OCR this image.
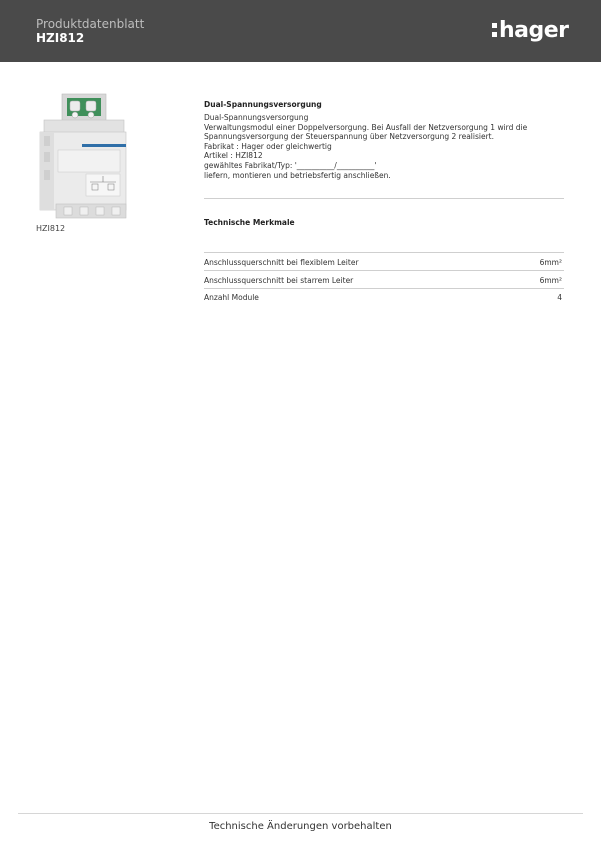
Produktdatenblatt
HZI812	hager
HZI812
Dual-Spannungsversorgung
Dual-Spannungsversorgung
Verwaltungsmodul einer Doppelversorgung. Bei Ausfall der Netzversorgung 1 wird die
Spannungsversorgung der Steuerspannung über Netzversorgung 2 realisiert.
Fabrikat : Hager oder gleichwertig
Artikel : HZI812
gewähltes Fabrikat/Typ: '__________/__________'
liefern, montieren und betriebsfertig anschließen.
Technische Merkmale
Anschlussquerschnitt bei flexiblem Leiter	6mm²
Anschlussquerschnitt bei starrem Leiter	6mm²
Anzahl Module	4
Technische Änderungen vorbehalten
